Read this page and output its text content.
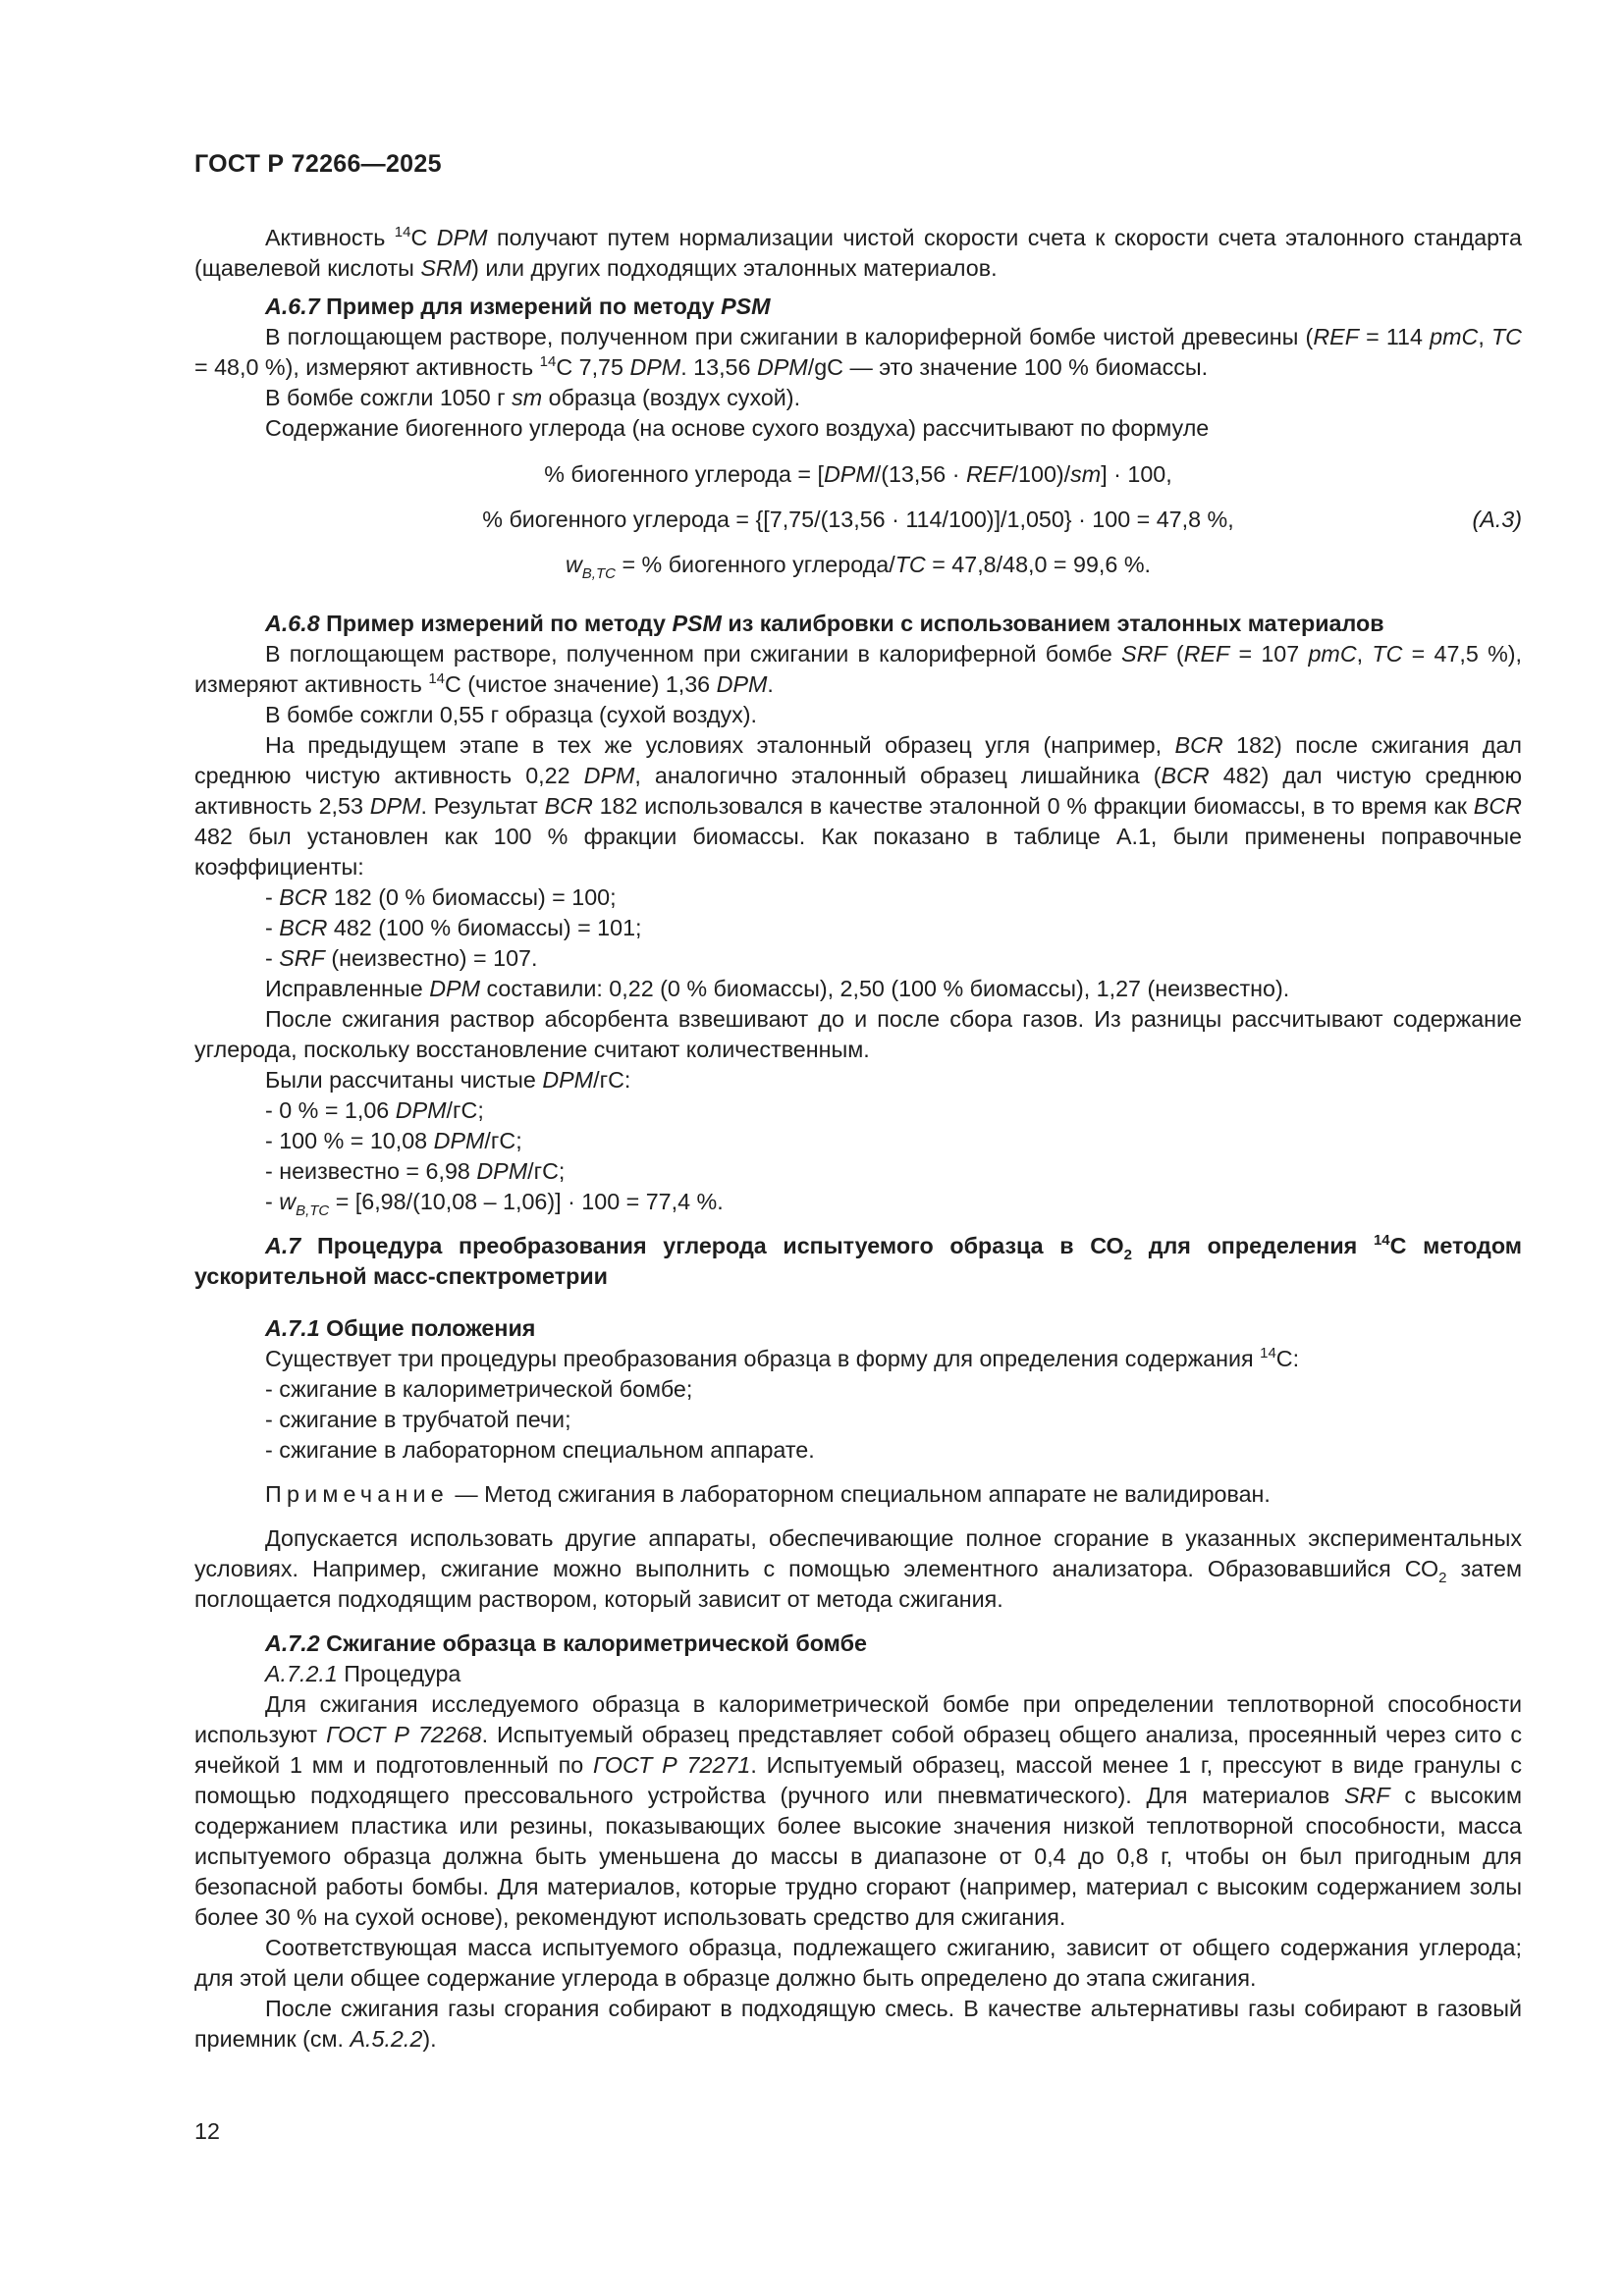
ГОСТ Р 72266—2025

Активность $^{14}$С DPM получают путем нормализации чистой скорости счета к скорости счета эталонного стандарта (щавелевой кислоты SRM) или других подходящих эталонных материалов.

А.6.7 Пример для измерений по методу PSM

В поглощающем растворе, полученном при сжигании в калориферной бомбе чистой древесины (REF = 114 pmC, TC = 48,0 %), измеряют активность $^{14}$С 7,75 DPM. 13,56 DPM/gC — это значение 100 % биомассы.

В бомбе сожгли 1050 г sm образца (воздух сухой).

Содержание биогенного углерода (на основе сухого воздуха) рассчитывают по формуле

% биогенного углерода = [DPM/(13,56 · REF/100)/sm] · 100,

% биогенного углерода = {[7,75/(13,56 · 114/100)]/1,050} · 100 = 47,8 %,	(А.3)

$w_{B,TC}$ = % биогенного углерода/TC = 47,8/48,0 = 99,6 %.

А.6.8 Пример измерений по методу PSM из калибровки с использованием эталонных материалов

В поглощающем растворе, полученном при сжигании в калориферной бомбе SRF (REF = 107 pmC, TC = 47,5 %), измеряют активность $^{14}$С (чистое значение) 1,36 DPM.

В бомбе сожгли 0,55 г образца (сухой воздух).

На предыдущем этапе в тех же условиях эталонный образец угля (например, BCR 182) после сжигания дал среднюю чистую активность 0,22 DPM, аналогично эталонный образец лишайника (BCR 482) дал чистую среднюю активность 2,53 DPM. Результат BCR 182 использовался в качестве эталонной 0 % фракции биомассы, в то время как BCR 482 был установлен как 100 % фракции биомассы. Как показано в таблице А.1, были применены поправочные коэффициенты:

- BCR 182 (0 % биомассы) = 100;

- BCR 482 (100 % биомассы) = 101;

- SRF (неизвестно) = 107.

Исправленные DPM составили: 0,22 (0 % биомассы), 2,50 (100 % биомассы), 1,27 (неизвестно).

После сжигания раствор абсорбента взвешивают до и после сбора газов. Из разницы рассчитывают содержание углерода, поскольку восстановление считают количественным.

Были рассчитаны чистые DPM/гС:

- 0 % = 1,06 DPM/гС;

- 100 % = 10,08 DPM/гС;

- неизвестно = 6,98 DPM/гС;

- $w_{B,TC} = [6,98/(10,08 - 1,06)] \cdot 100 = 77,4$ %.

А.7 Процедура преобразования углерода испытуемого образца в $СО_2$ для определения $^{14}$С методом ускорительной масс-спектрометрии

А.7.1 Общие положения

Существует три процедуры преобразования образца в форму для определения содержания $^{14}$С:

- сжигание в калориметрической бомбе;

- сжигание в трубчатой печи;

- сжигание в лабораторном специальном аппарате.

Примечание — Метод сжигания в лабораторном специальном аппарате не валидирован.

Допускается использовать другие аппараты, обеспечивающие полное сгорание в указанных экспериментальных условиях. Например, сжигание можно выполнить с помощью элементного анализатора. Образовавшийся $СО_2$ затем поглощается подходящим раствором, который зависит от метода сжигания.

А.7.2 Сжигание образца в калориметрической бомбе

А.7.2.1 Процедура

Для сжигания исследуемого образца в калориметрической бомбе при определении теплотворной способности используют ГОСТ Р 72268. Испытуемый образец представляет собой образец общего анализа, просеянный через сито с ячейкой 1 мм и подготовленный по ГОСТ Р 72271. Испытуемый образец, массой менее 1 г, прессуют в виде гранулы с помощью подходящего прессовального устройства (ручного или пневматического). Для материалов SRF с высоким содержанием пластика или резины, показывающих более высокие значения низкой теплотворной способности, масса испытуемого образца должна быть уменьшена до массы в диапазоне от 0,4 до 0,8 г, чтобы он был пригодным для безопасной работы бомбы. Для материалов, которые трудно сгорают (например, материал с высоким содержанием золы более 30 % на сухой основе), рекомендуют использовать средство для сжигания.

Соответствующая масса испытуемого образца, подлежащего сжиганию, зависит от общего содержания углерода; для этой цели общее содержание углерода в образце должно быть определено до этапа сжигания.

После сжигания газы сгорания собирают в подходящую смесь. В качестве альтернативы газы собирают в газовый приемник (см. А.5.2.2).

12
